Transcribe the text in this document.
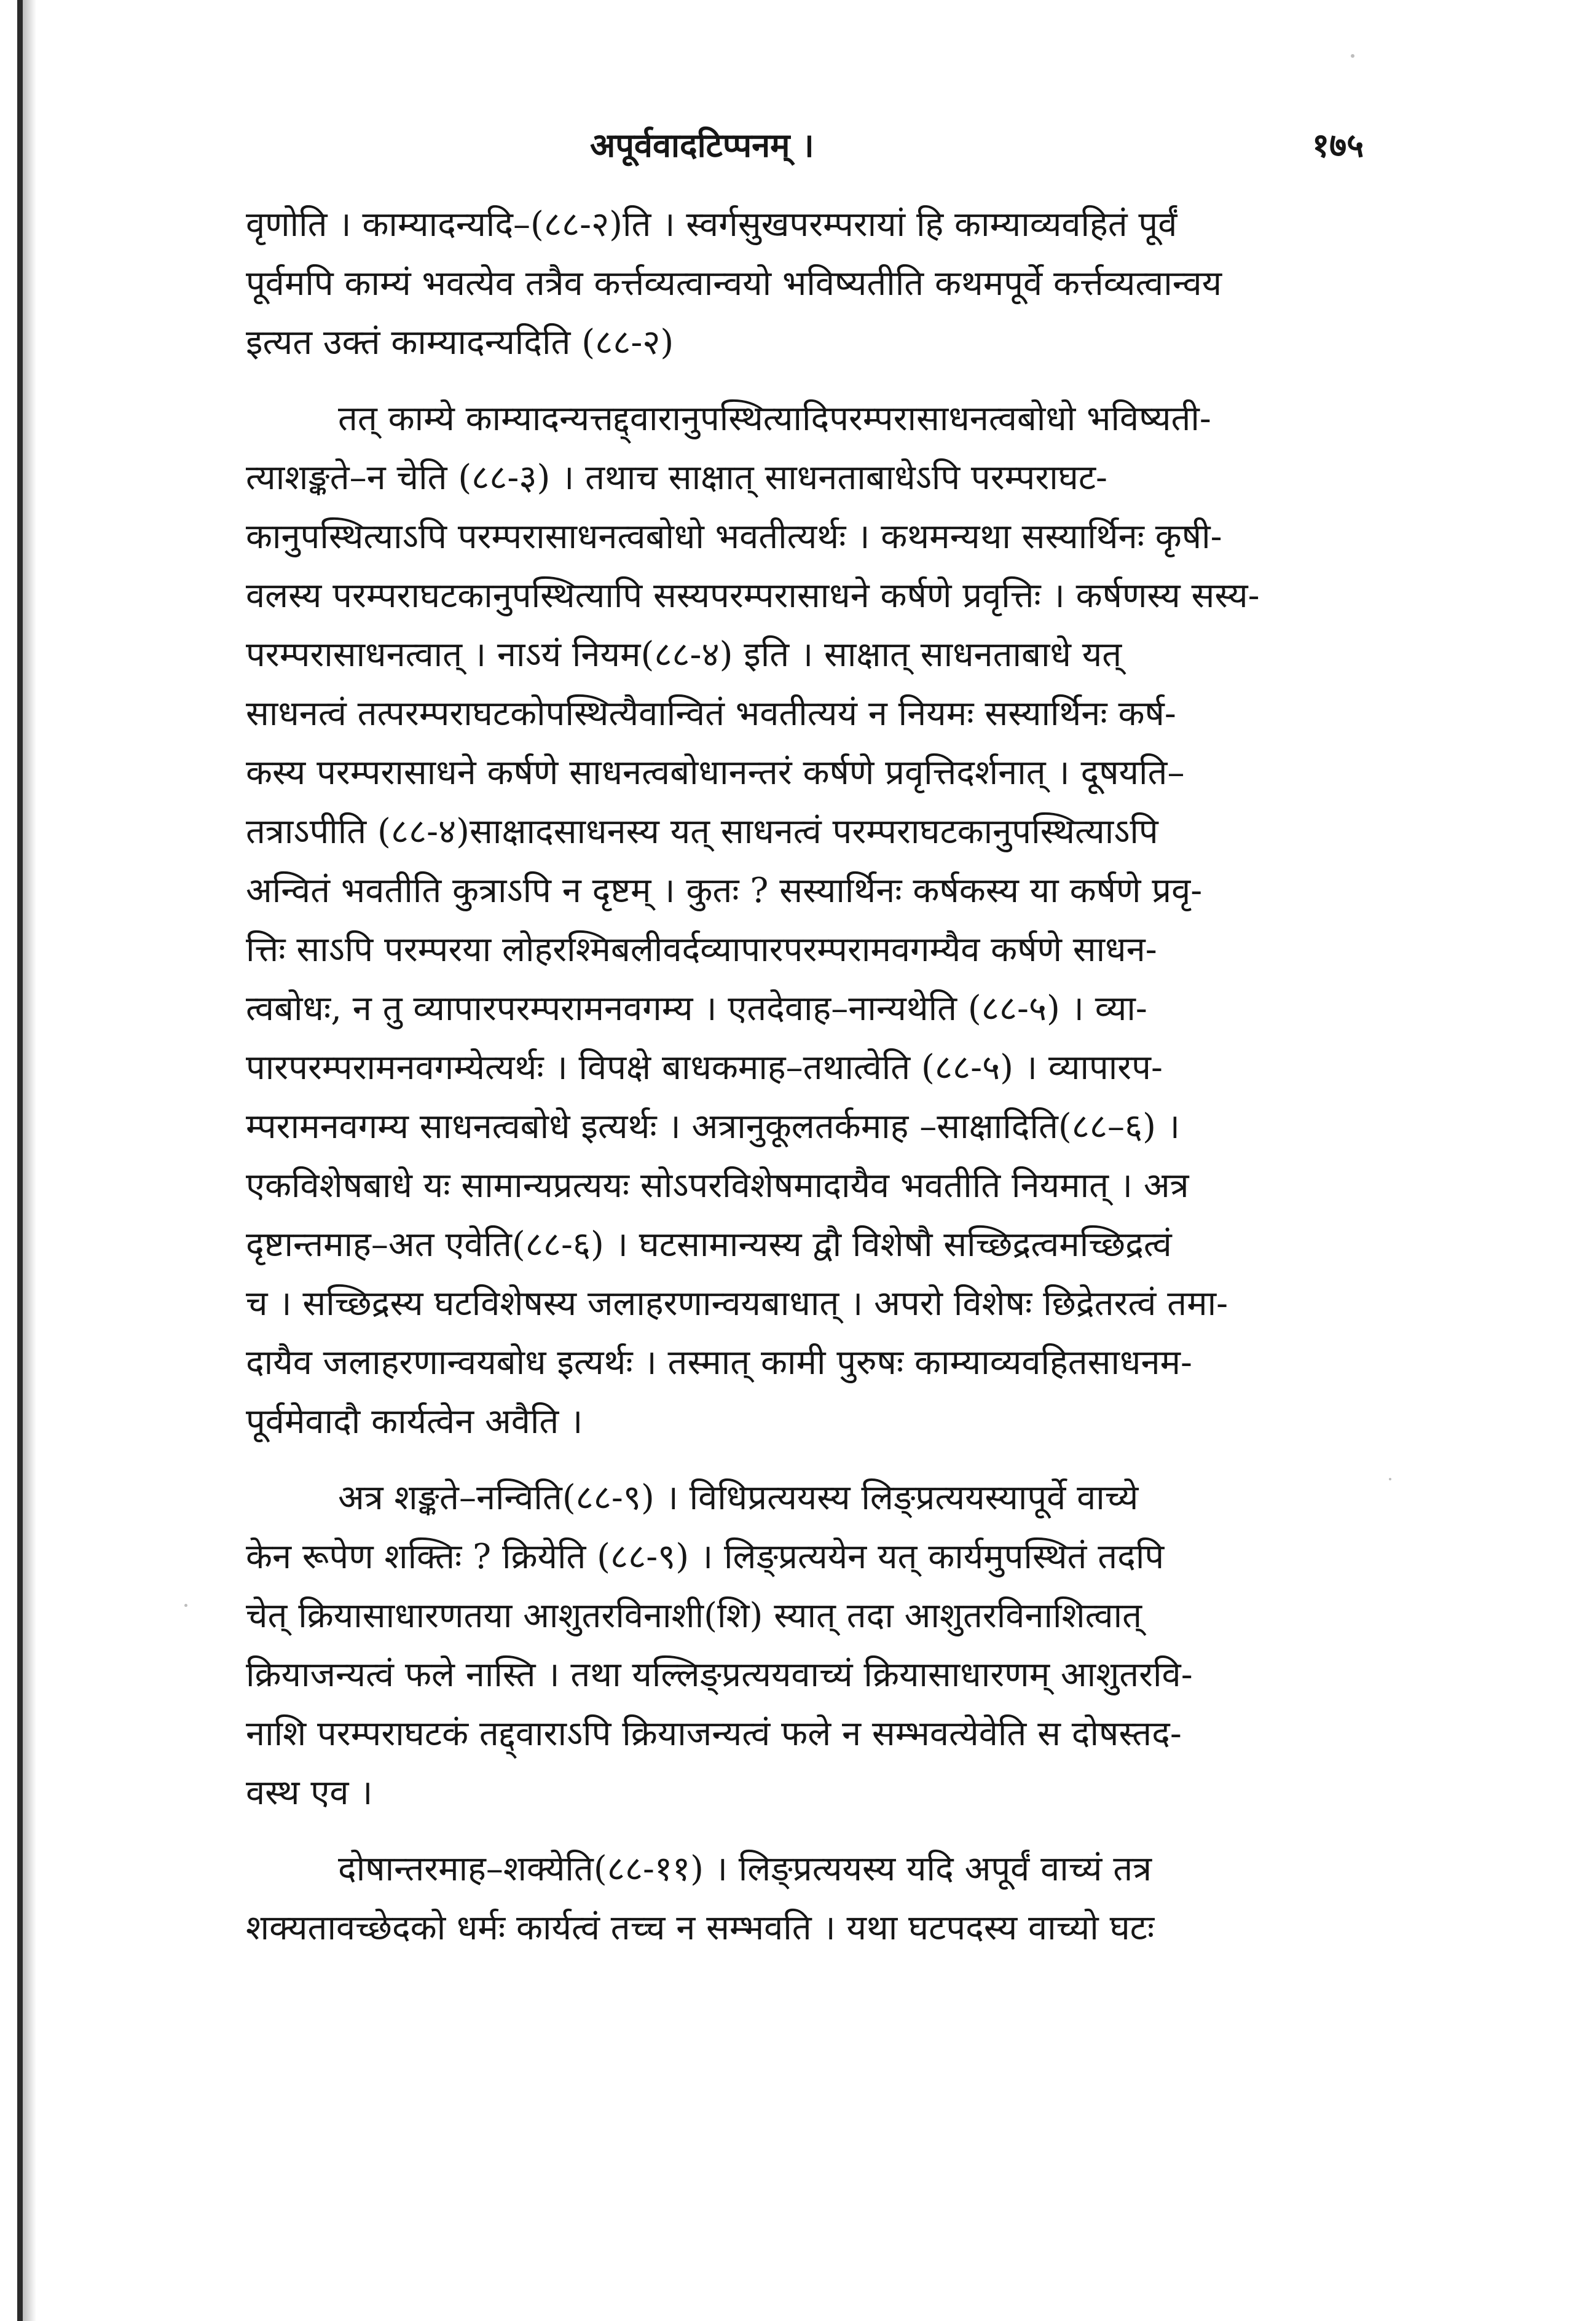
अपूर्ववादटिप्पनम् ।	१७५
वृणोति । काम्यादन्यदि–(८८-२)ति । स्वर्गसुखपरम्परायां हि काम्याव्यवहितं पूर्वं
पूर्वमपि काम्यं भवत्येव तत्रैव कर्त्तव्यत्वान्वयो भविष्यतीति कथमपूर्वे कर्त्तव्यत्वान्वय
इत्यत उक्तं काम्यादन्यदिति (८८-२)
तत् काम्ये काम्यादन्यत्तद्द्वारानुपस्थित्यादिपरम्परासाधनत्वबोधो भविष्यती-
त्याशङ्कते–न चेति (८८-३) । तथाच साक्षात् साधनताबाधेऽपि परम्पराघट-
कानुपस्थित्याऽपि परम्परासाधनत्वबोधो भवतीत्यर्थः । कथमन्यथा सस्यार्थिनः कृषी-
वलस्य परम्पराघटकानुपस्थित्यापि सस्यपरम्परासाधने कर्षणे प्रवृत्तिः । कर्षणस्य सस्य-
परम्परासाधनत्वात् । नाऽयं नियम(८८-४) इति । साक्षात् साधनताबाधे यत्
साधनत्वं तत्परम्पराघटकोपस्थित्यैवान्वितं भवतीत्ययं न नियमः सस्यार्थिनः कर्ष-
कस्य परम्परासाधने कर्षणे साधनत्वबोधानन्तरं कर्षणे प्रवृत्तिदर्शनात् । दूषयति–
तत्राऽपीति (८८-४)साक्षादसाधनस्य यत् साधनत्वं परम्पराघटकानुपस्थित्याऽपि
अन्वितं भवतीति कुत्राऽपि न दृष्टम् । कुतः ? सस्यार्थिनः कर्षकस्य या कर्षणे प्रवृ-
त्तिः साऽपि परम्परया लोहरश्मिबलीवर्दव्यापारपरम्परामवगम्यैव कर्षणे साधन-
त्वबोधः, न तु व्यापारपरम्परामनवगम्य । एतदेवाह–नान्यथेति (८८-५) । व्या-
पारपरम्परामनवगम्येत्यर्थः । विपक्षे बाधकमाह–तथात्वेति (८८-५) । व्यापारप-
म्परामनवगम्य साधनत्वबोधे इत्यर्थः । अत्रानुकूलतर्कमाह –साक्षादिति(८८–६) ।
एकविशेषबाधे यः सामान्यप्रत्ययः सोऽपरविशेषमादायैव भवतीति नियमात् । अत्र
दृष्टान्तमाह–अत एवेति(८८-६) । घटसामान्यस्य द्वौ विशेषौ सच्छिद्रत्वमच्छिद्रत्वं
च । सच्छिद्रस्य घटविशेषस्य जलाहरणान्वयबाधात् । अपरो विशेषः छिद्रेतरत्वं तमा-
दायैव जलाहरणान्वयबोध इत्यर्थः । तस्मात् कामी पुरुषः काम्याव्यवहितसाधनम-
पूर्वमेवादौ कार्यत्वेन अवैति ।
अत्र शङ्कते–नन्विति(८८-९) । विधिप्रत्ययस्य लिङ्प्रत्ययस्यापूर्वे वाच्ये
केन रूपेण शक्तिः ? क्रियेति (८८-९) । लिङ्प्रत्ययेन यत् कार्यमुपस्थितं तदपि
चेत् क्रियासाधारणतया आशुतरविनाशी(शि) स्यात् तदा आशुतरविनाशित्वात्
क्रियाजन्यत्वं फले नास्ति । तथा यल्लिङ्प्रत्ययवाच्यं क्रियासाधारणम् आशुतरवि-
नाशि परम्पराघटकं तद्द्वाराऽपि क्रियाजन्यत्वं फले न सम्भवत्येवेति स दोषस्तद-
वस्थ एव ।
दोषान्तरमाह–शक्येति(८८-११) । लिङ्प्रत्ययस्य यदि अपूर्वं वाच्यं तत्र
शक्यतावच्छेदको धर्मः कार्यत्वं तच्च न सम्भवति । यथा घटपदस्य वाच्यो घटः
